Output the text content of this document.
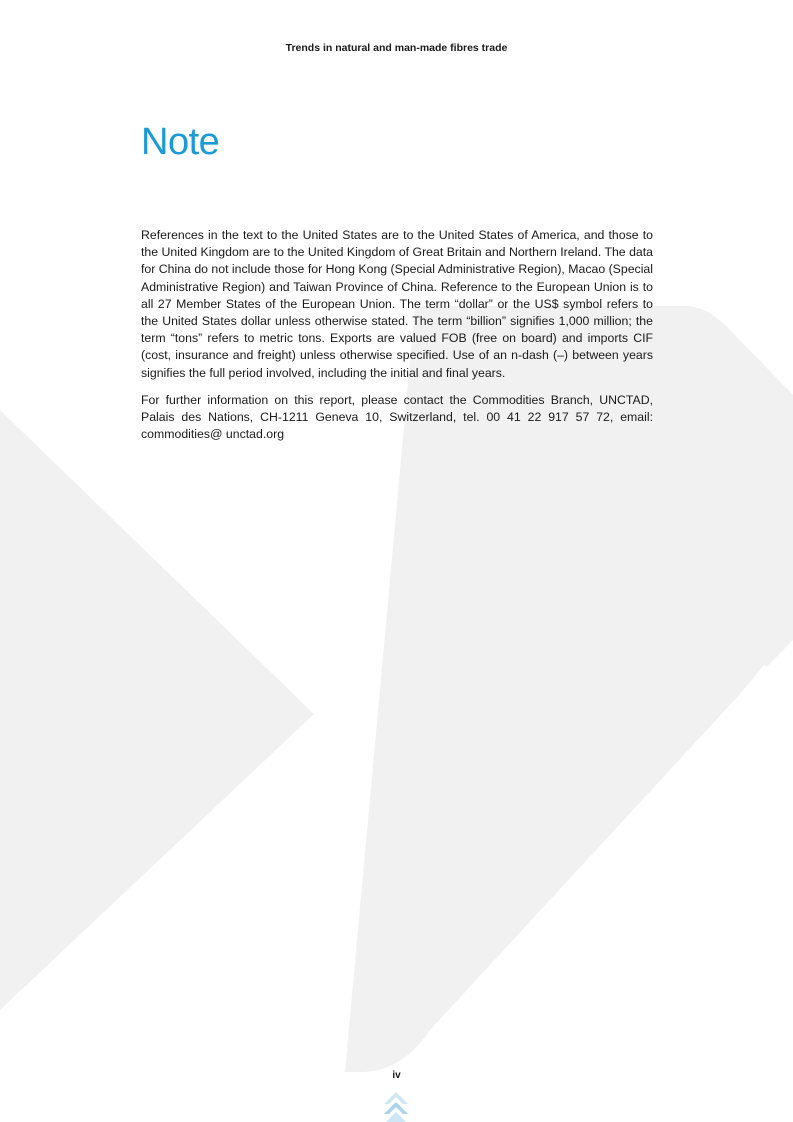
Trends in natural and man-made fibres trade
Note

References in the text to the United States are to the United States of America, and those to the United Kingdom are to the United Kingdom of Great Britain and Northern Ireland. The data for China do not include those for Hong Kong (Special Administrative Region), Macao (Special Administrative Region) and Taiwan Province of China. Reference to the European Union is to all 27 Member States of the European Union. The term “dollar” or the US$ symbol refers to the United States dollar unless otherwise stated. The term “billion” signifies 1,000 million; the term “tons” refers to metric tons. Exports are valued FOB (free on board) and imports CIF (cost, insurance and freight) unless otherwise specified. Use of an n-dash (–) between years signifies the full period involved, including the initial and final years.

For further information on this report, please contact the Commodities Branch, UNCTAD, Palais des Nations, CH-1211 Geneva 10, Switzerland, tel. 00 41 22 917 57 72, email: commodities@ unctad.org

iv
